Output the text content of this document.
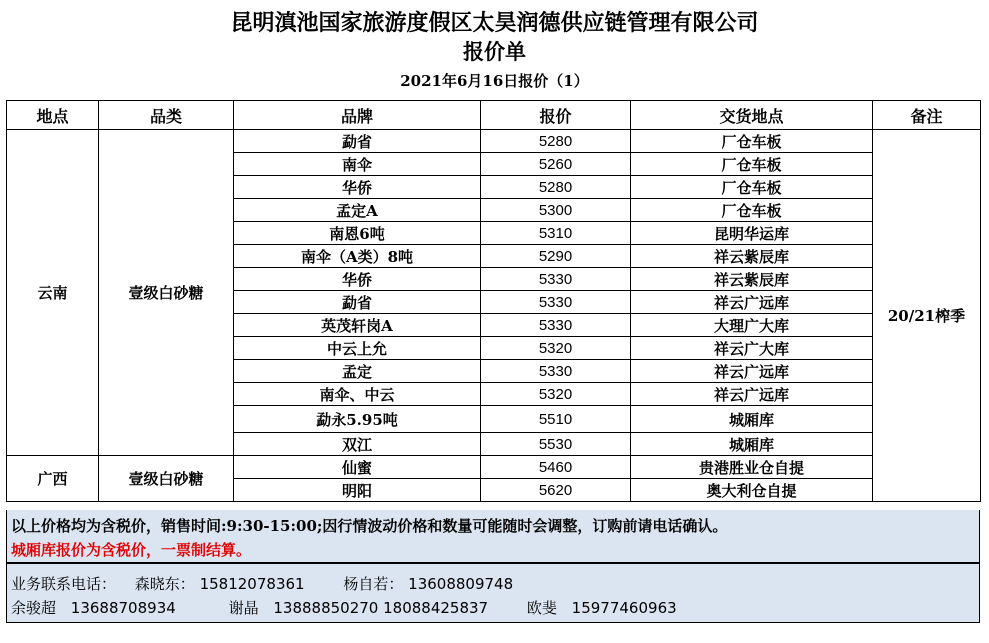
昆明滇池国家旅游度假区太昊润德供应链管理有限公司
报价单
2021年6月16日报价（1）
地点	品类	品牌	报价	交货地点	备注
云南	壹级白砂糖	勐省	5280	厂仓车板	20/21榨季
		南伞	5260	厂仓车板	
		华侨	5280	厂仓车板	
		孟定A	5300	厂仓车板	
		南恩6吨	5310	昆明华运库	
		南伞（A类）8吨	5290	祥云紫辰库	
		华侨	5330	祥云紫辰库	
		勐省	5330	祥云广远库	
		英茂轩岗A	5330	大理广大库	
		中云上允	5320	祥云广大库	
		孟定	5330	祥云广远库	
		南伞、中云	5320	祥云广远库	
		勐永5.95吨	5510	城厢库	
		双江	5530	城厢库	
广西	壹级白砂糖	仙蜜	5460	贵港胜业仓自提	
		明阳	5620	奥大利仓自提	
以上价格均为含税价，销售时间:9:30-15:00;因行情波动价格和数量可能随时会调整，订购前请电话确认。
城厢库报价为含税价，一票制结算。
业务联系电话： 森晓东： 15812078361	杨自若： 13608809748
余骏超 13688708934	谢晶 13888850270 18088425837	欧斐 15977460963
